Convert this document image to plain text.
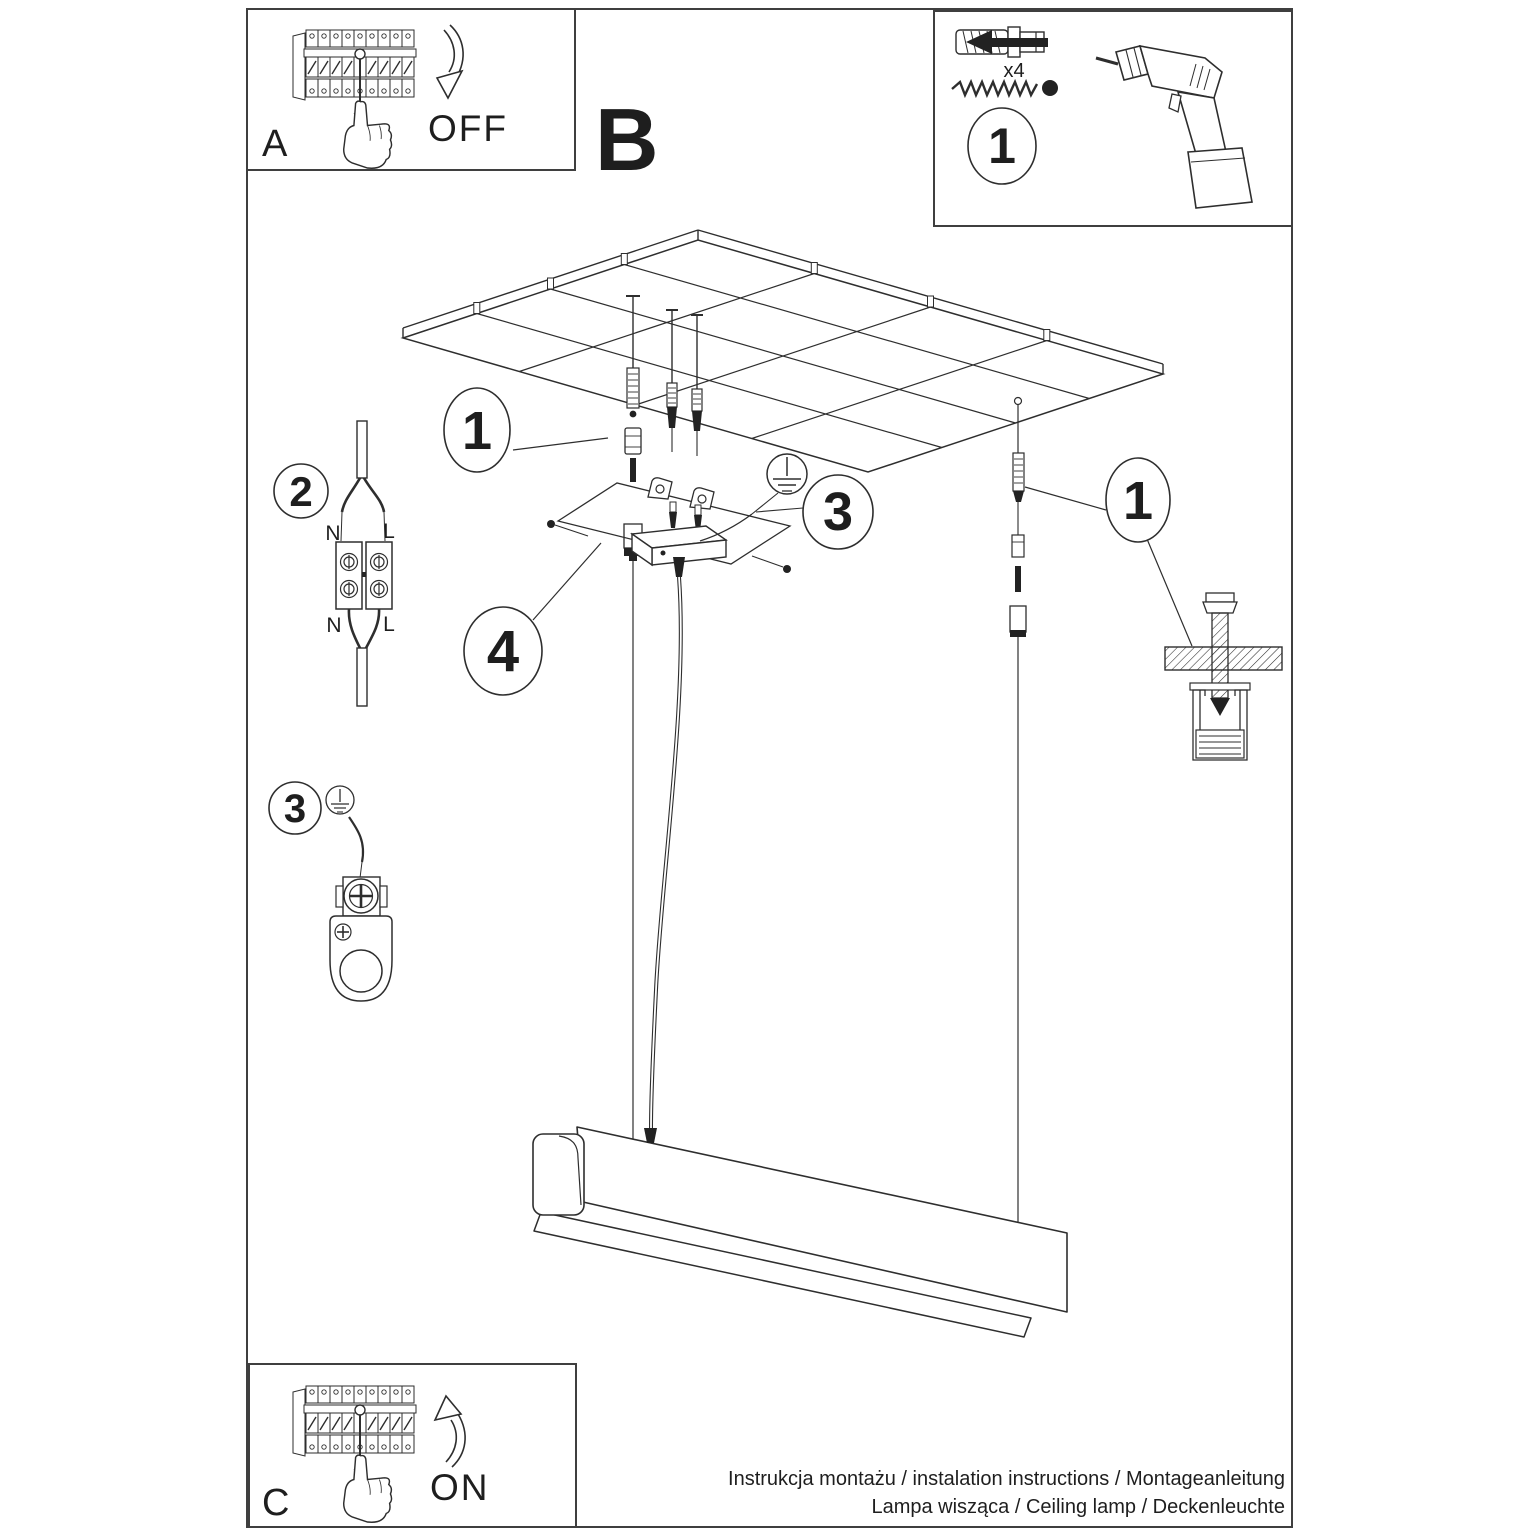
A	OFF B
x4
1
1
2	3
4
1
N L
N L
3
C	ON	Instrukcja montażu / instalation instructions / Montageanleitung
Lampa wisząca / Ceiling lamp / Deckenleuchte
